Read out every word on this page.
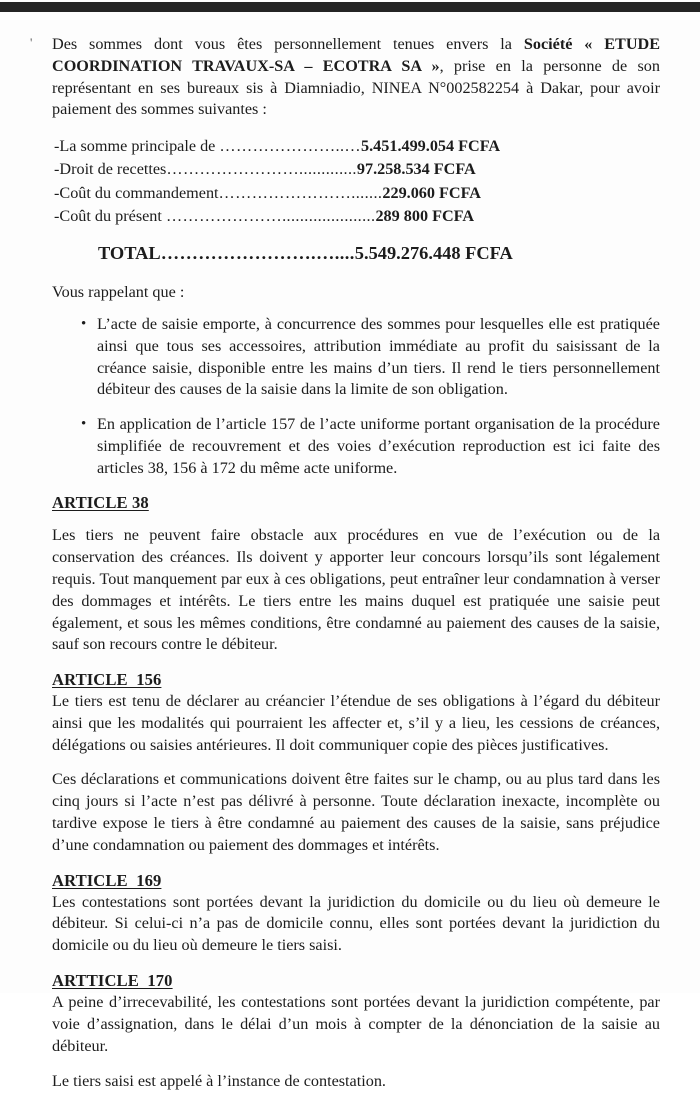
' Des sommes dont vous êtes personnellement tenues envers la Société « ETUDE COORDINATION TRAVAUX-SA – ECOTRA SA », prise en la personne de son représentant en ses bureaux sis à Diamniadio, NINEA N°002582254 à Dakar, pour avoir paiement des sommes suivantes :

-La somme principale de …………………..…5.451.499.054 FCFA
-Droit de recettes…………………….............97.258.534 FCFA
-Coût du commandement…………………….......229.060 FCFA
-Coût du présent ………………….....................289 800 FCFA
TOTAL…………………….…....5.549.276.448 FCFA

Vous rappelant que :

• L’acte de saisie emporte, à concurrence des sommes pour lesquelles elle est pratiquée ainsi que tous ses accessoires, attribution immédiate au profit du saisissant de la créance saisie, disponible entre les mains d’un tiers. Il rend le tiers personnellement débiteur des causes de la saisie dans la limite de son obligation.
• En application de l’article 157 de l’acte uniforme portant organisation de la procédure simplifiée de recouvrement et des voies d’exécution reproduction est ici faite des articles 38, 156 à 172 du même acte uniforme.
ARTICLE 38

Les tiers ne peuvent faire obstacle aux procédures en vue de l’exécution ou de la conservation des créances. Ils doivent y apporter leur concours lorsqu’ils sont légalement requis. Tout manquement par eux à ces obligations, peut entraîner leur condamnation à verser des dommages et intérêts. Le tiers entre les mains duquel est pratiquée une saisie peut également, et sous les mêmes conditions, être condamné au paiement des causes de la saisie, sauf son recours contre le débiteur.

ARTICLE  156

Le tiers est tenu de déclarer au créancier l’étendue de ses obligations à l’égard du débiteur ainsi que les modalités qui pourraient les affecter et, s’il y a lieu, les cessions de créances, délégations ou saisies antérieures. Il doit communiquer copie des pièces justificatives.

Ces déclarations et communications doivent être faites sur le champ, ou au plus tard dans les cinq jours si l’acte n’est pas délivré à personne. Toute déclaration inexacte, incomplète ou tardive expose le tiers à être condamné au paiement des causes de la saisie, sans préjudice d’une condamnation ou paiement des dommages et intérêts.

ARTICLE  169

Les contestations sont portées devant la juridiction du domicile ou du lieu où demeure le débiteur. Si celui-ci n’a pas de domicile connu, elles sont portées devant la juridiction du domicile ou du lieu où demeure le tiers saisi.

ARTTICLE  170

A peine d’irrecevabilité, les contestations sont portées devant la juridiction compétente, par voie d’assignation, dans le délai d’un mois à compter de la dénonciation de la saisie au débiteur.

Le tiers saisi est appelé à l’instance de contestation.
